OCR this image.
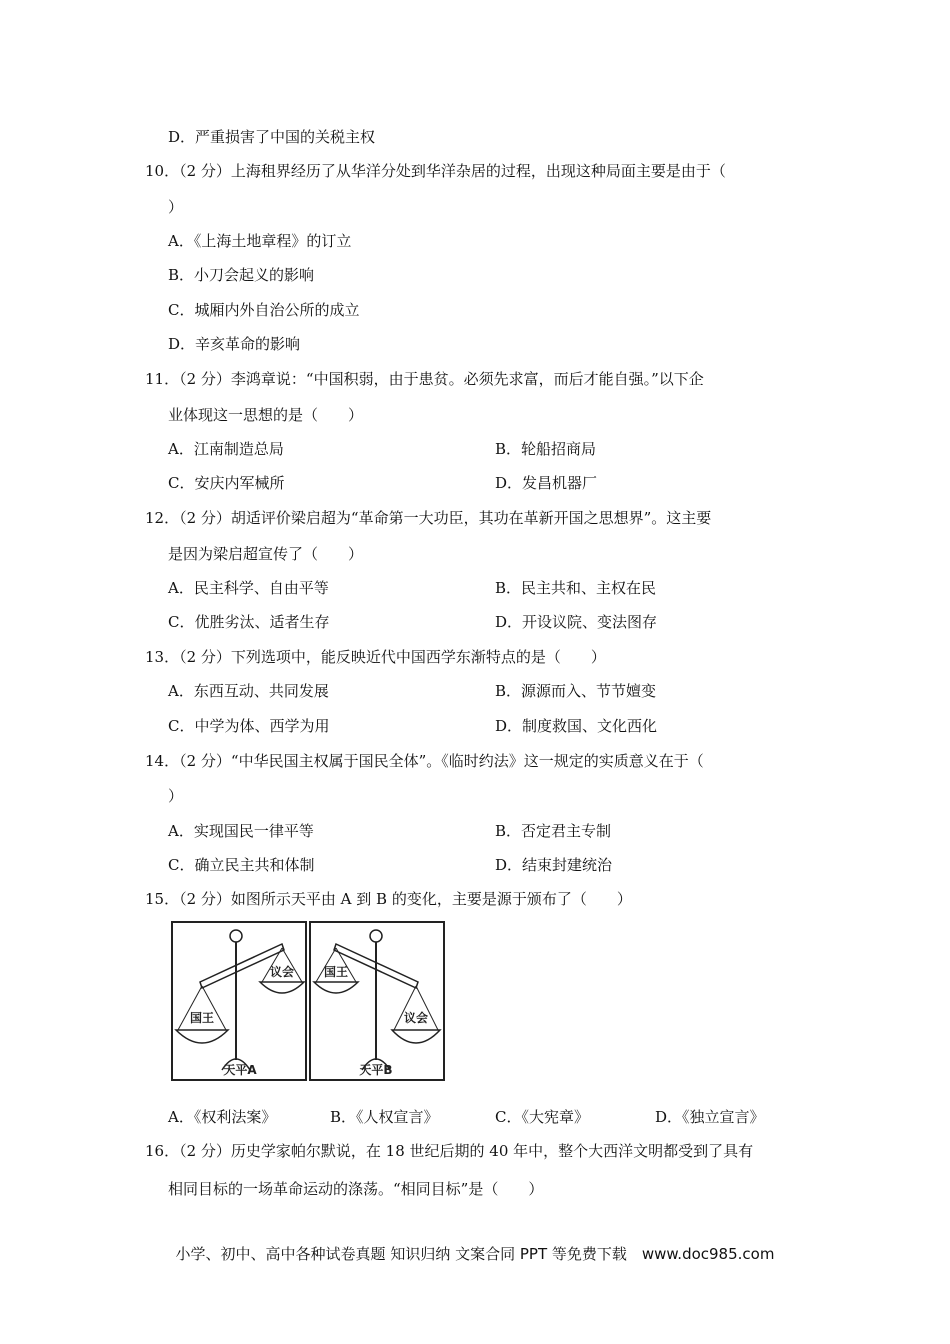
D．严重损害了中国的关税主权
10．（2 分）上海租界经历了从华洋分处到华洋杂居的过程，出现这种局面主要是由于（
）
A．《上海土地章程》的订立
B．小刀会起义的影响
C．城厢内外自治公所的成立
D．辛亥革命的影响
11．（2 分）李鸿章说：“中国积弱，由于患贫。必须先求富，而后才能自强。”以下企
业体现这一思想的是（　　）
A．江南制造总局	B．轮船招商局
C．安庆内军械所	D．发昌机器厂
12．（2 分）胡适评价梁启超为“革命第一大功臣，其功在革新开国之思想界”。这主要
是因为梁启超宣传了（　　）
A．民主科学、自由平等	B．民主共和、主权在民
C．优胜劣汰、适者生存	D．开设议院、变法图存
13．（2 分）下列选项中，能反映近代中国西学东渐特点的是（　　）
A．东西互动、共同发展	B．源源而入、节节嬗变
C．中学为体、西学为用	D．制度救国、文化西化
14．（2 分）“中华民国主权属于国民全体”。《临时约法》这一规定的实质意义在于（
）
A．实现国民一律平等	B．否定君主专制
C．确立民主共和体制	D．结束封建统治
15．（2 分）如图所示天平由 A 到 B 的变化，主要是源于颁布了（　　）
国王
议会
天平A
国王
议会
天平B
A．《权利法案》	B．《人权宣言》	C．《大宪章》	D．《独立宣言》
16．（2 分）历史学家帕尔默说，在 18 世纪后期的 40 年中，整个大西洋文明都受到了具有
相同目标的一场革命运动的涤荡。“相同目标”是（　　）
小学、初中、高中各种试卷真题 知识归纳 文案合同 PPT 等免费下载　www.doc985.com
